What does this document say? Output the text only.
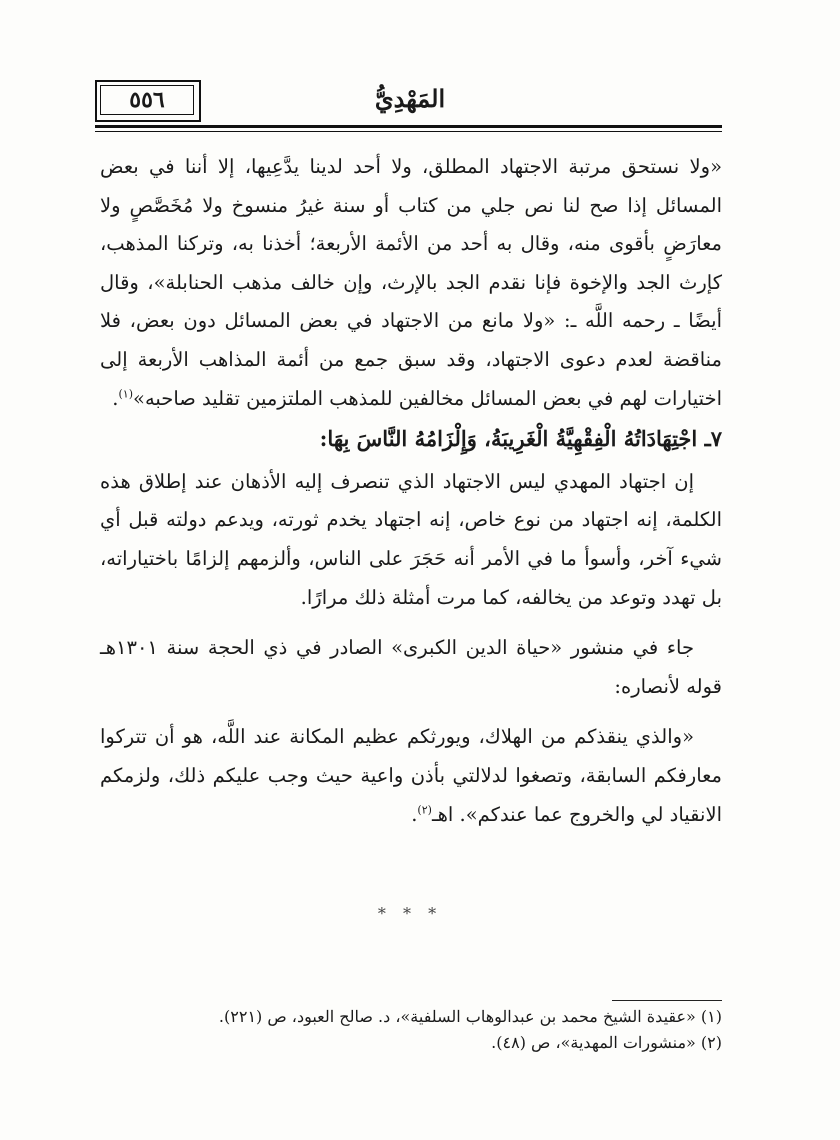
٥٥٦	المَهْدِيُّ

«ولا نستحق مرتبة الاجتهاد المطلق، ولا أحد لدينا يدَّعِيها، إلا أننا في بعض المسائل إذا صح لنا نص جلي من كتاب أو سنة غيرُ منسوخ ولا مُخَصَّصٍ ولا معارَضٍ بأقوى منه، وقال به أحد من الأئمة الأربعة؛ أخذنا به، وتركنا المذهب، كإرث الجد والإخوة فإنا نقدم الجد بالإرث، وإن خالف مذهب الحنابلة»، وقال أيضًا ـ رحمه اللَّه ـ: «ولا مانع من الاجتهاد في بعض المسائل دون بعض، فلا مناقضة لعدم دعوى الاجتهاد، وقد سبق جمع من أئمة المذاهب الأربعة إلى اختيارات لهم في بعض المسائل مخالفين للمذهب الملتزمين تقليد صاحبه»$^{(١)}$.

٧ـ اجْتِهَادَاتُهُ الْفِقْهِيَّةُ الْغَرِيبَةُ، وَإِلْزَامُهُ النَّاسَ بِهَا:

إن اجتهاد المهدي ليس الاجتهاد الذي تنصرف إليه الأذهان عند إطلاق هذه الكلمة، إنه اجتهاد من نوع خاص، إنه اجتهاد يخدم ثورته، ويدعم دولته قبل أي شيء آخر، وأسوأ ما في الأمر أنه حَجَرَ على الناس، وألزمهم إلزامًا باختياراته، بل تهدد وتوعد من يخالفه، كما مرت أمثلة ذلك مرارًا.

جاء في منشور «حياة الدين الكبرى» الصادر في ذي الحجة سنة ١٣٠١هـ قوله لأنصاره:

«والذي ينقذكم من الهلاك، ويورثكم عظيم المكانة عند اللَّه، هو أن تتركوا معارفكم السابقة، وتصغوا لدلالتي بأذن واعية حيث وجب عليكم ذلك، ولزمكم الانقياد لي والخروج عما عندكم». اهـ$^{(٢)}$.

* * *
(١) «عقيدة الشيخ محمد بن عبدالوهاب السلفية»، د. صالح العبود، ص (٢٢١).
(٢) «منشورات المهدية»، ص (٤٨).
